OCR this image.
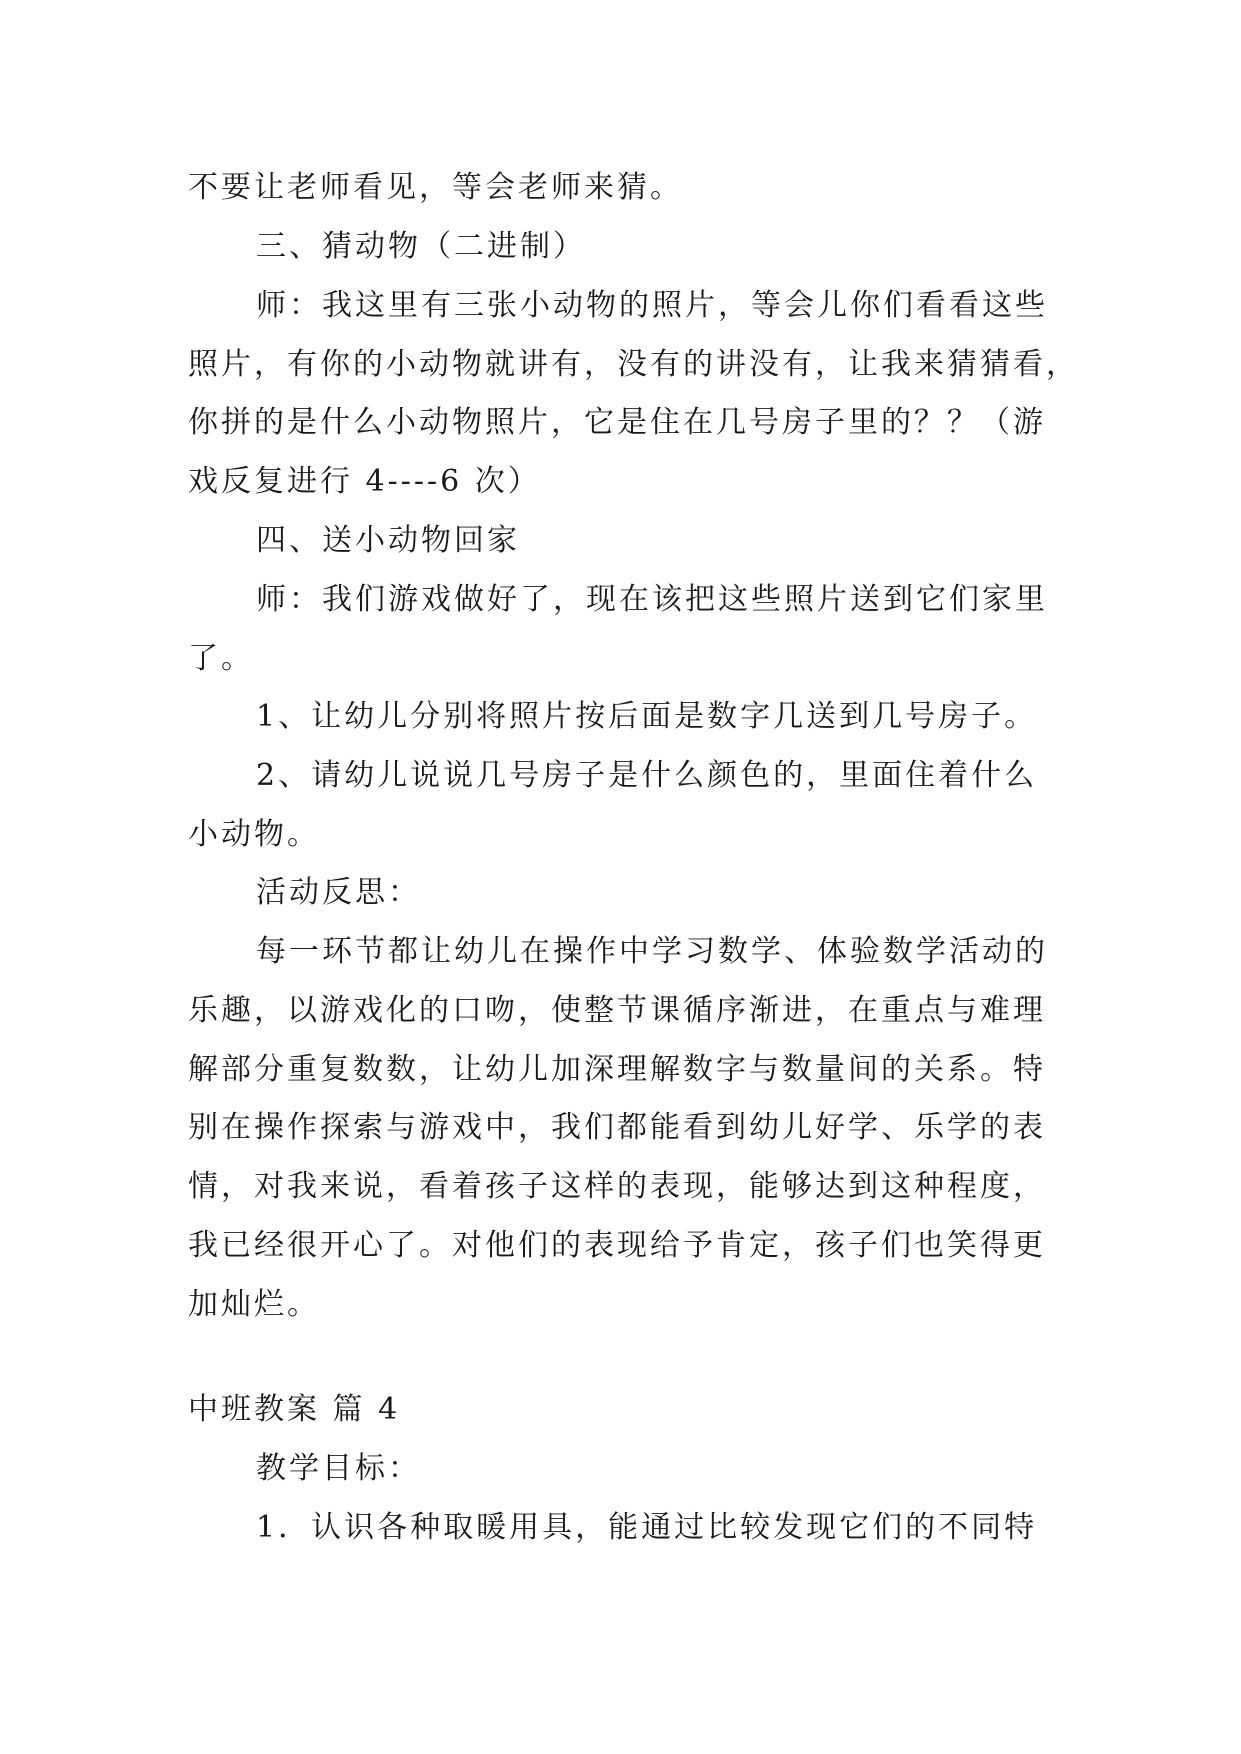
不要让老师看见，等会老师来猜。
三、猜动物（二进制）
师：我这里有三张小动物的照片，等会儿你们看看这些
照片，有你的小动物就讲有，没有的讲没有，让我来猜猜看，
你拼的是什么小动物照片，它是住在几号房子里的？？（游
戏反复进行 4----6 次）
四、送小动物回家
师：我们游戏做好了，现在该把这些照片送到它们家里
了。
1、让幼儿分别将照片按后面是数字几送到几号房子。
2、请幼儿说说几号房子是什么颜色的，里面住着什么
小动物。
活动反思：
每一环节都让幼儿在操作中学习数学、体验数学活动的
乐趣，以游戏化的口吻，使整节课循序渐进，在重点与难理
解部分重复数数，让幼儿加深理解数字与数量间的关系。特
别在操作探索与游戏中，我们都能看到幼儿好学、乐学的表
情，对我来说，看着孩子这样的表现，能够达到这种程度，
我已经很开心了。对他们的表现给予肯定，孩子们也笑得更
加灿烂。
中班教案 篇 4
教学目标：
1．认识各种取暖用具，能通过比较发现它们的不同特
